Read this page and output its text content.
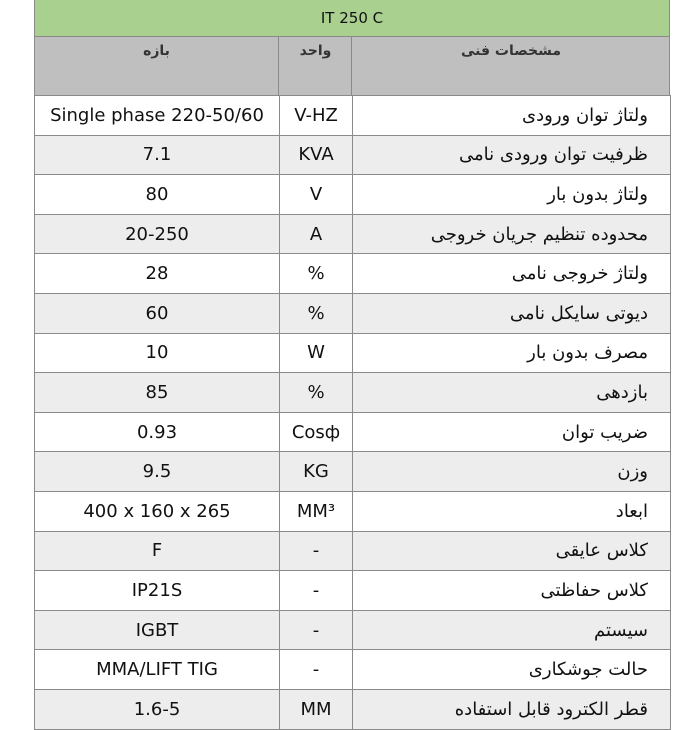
IT 250 C
بازه	واحد	مشخصات فنی
Single phase 220-50/60	V-HZ	ولتاژ توان ورودی
7.1	KVA	ظرفیت توان ورودی نامی
80	V	ولتاژ بدون بار
20-250	A	محدوده تنظیم جریان خروجی
28	%	ولتاژ خروجی نامی
60	%	دیوتی سایکل نامی
10	W	مصرف بدون بار
85	%	بازدهی
0.93	Cosф	ضریب توان
9.5	KG	وزن
400 x 160 x 265	MM³	ابعاد
F	-	کلاس عایقی
IP21S	-	کلاس حفاظتی
IGBT	-	سیستم
MMA/LIFT TIG	-	حالت جوشکاری
1.6-5	MM	قطر الکترود قابل استفاده
